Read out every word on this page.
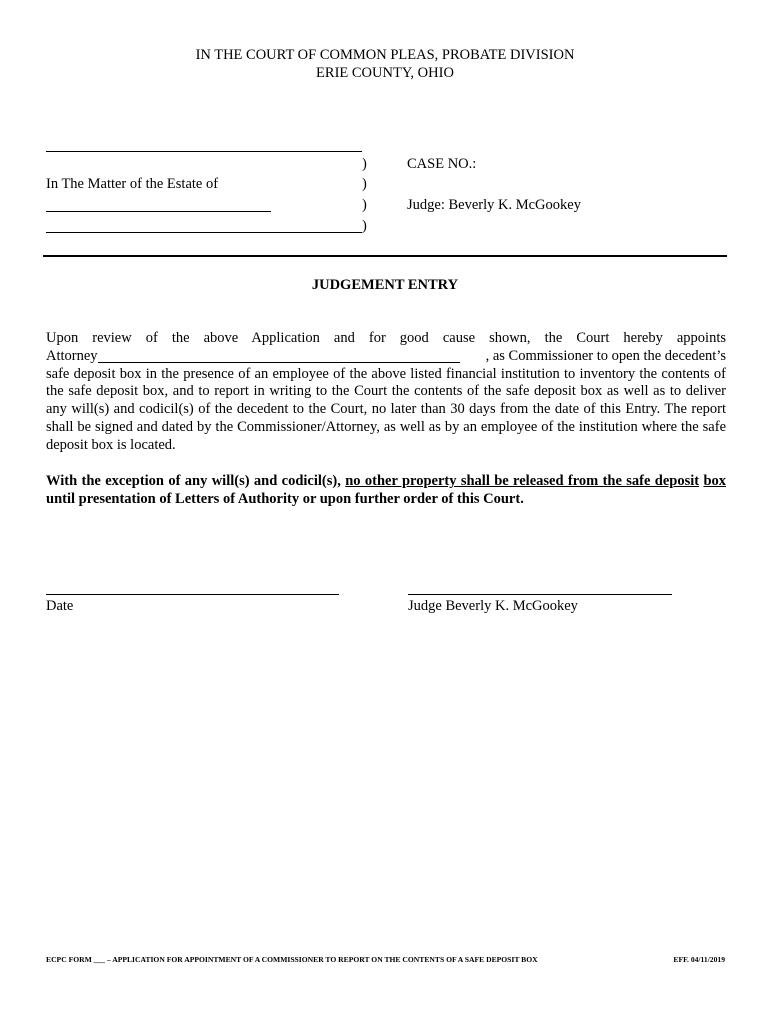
IN THE COURT OF COMMON PLEAS, PROBATE DIVISION
ERIE COUNTY, OHIO
)	CASE NO.:
In The Matter of the Estate of	)
)	Judge: Beverly K. McGookey
)
JUDGEMENT ENTRY
Upon review of the above Application and for good cause shown, the Court hereby appoints
Attorney	, as Commissioner to open the decedent’s
safe deposit box in the presence of an employee of the above listed financial institution to inventory the contents of the safe deposit box, and to report in writing to the Court the contents of the safe deposit box as well as to deliver any will(s) and codicil(s) of the decedent to the Court, no later than 30 days from the date of this Entry. The report shall be signed and dated by the Commissioner/Attorney, as well as by an employee of the institution where the safe deposit box is located.
With the exception of any will(s) and codicil(s), no other property shall be released from the safe deposit box until presentation of Letters of Authority or upon further order of this Court.
Date	Judge Beverly K. McGookey
ECPC FORM ___ – APPLICATION FOR APPOINTMENT OF A COMMISSIONER TO REPORT ON THE CONTENTS OF A SAFE DEPOSIT BOX	EFF. 04/11/2019
